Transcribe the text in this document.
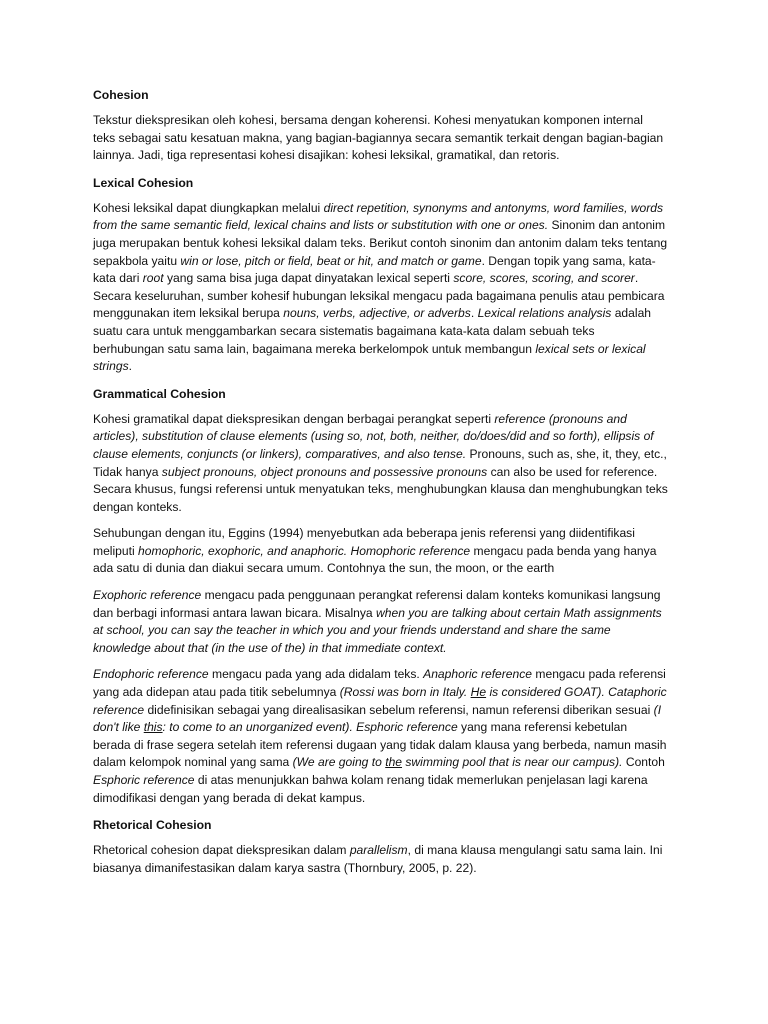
Cohesion

Tekstur diekspresikan oleh kohesi, bersama dengan koherensi. Kohesi menyatukan komponen internal teks sebagai satu kesatuan makna, yang bagian-bagiannya secara semantik terkait dengan bagian-bagian lainnya. Jadi, tiga representasi kohesi disajikan: kohesi leksikal, gramatikal, dan retoris.

Lexical Cohesion

Kohesi leksikal dapat diungkapkan melalui direct repetition, synonyms and antonyms, word families, words from the same semantic field, lexical chains and lists or substitution with one or ones. Sinonim dan antonim juga merupakan bentuk kohesi leksikal dalam teks. Berikut contoh sinonim dan antonim dalam teks tentang sepakbola yaitu win or lose, pitch or field, beat or hit, and match or game. Dengan topik yang sama, kata-kata dari root yang sama bisa juga dapat dinyatakan lexical seperti score, scores, scoring, and scorer. Secara keseluruhan, sumber kohesif hubungan leksikal mengacu pada bagaimana penulis atau pembicara menggunakan item leksikal berupa nouns, verbs, adjective, or adverbs. Lexical relations analysis adalah suatu cara untuk menggambarkan secara sistematis bagaimana kata-kata dalam sebuah teks berhubungan satu sama lain, bagaimana mereka berkelompok untuk membangun lexical sets or lexical strings.

Grammatical Cohesion

Kohesi gramatikal dapat diekspresikan dengan berbagai perangkat seperti reference (pronouns and articles), substitution of clause elements (using so, not, both, neither, do/does/did and so forth), ellipsis of clause elements, conjuncts (or linkers), comparatives, and also tense. Pronouns, such as, she, it, they, etc., Tidak hanya subject pronouns, object pronouns and possessive pronouns can also be used for reference. Secara khusus, fungsi referensi untuk menyatukan teks, menghubungkan klausa dan menghubungkan teks dengan konteks.

Sehubungan dengan itu, Eggins (1994) menyebutkan ada beberapa jenis referensi yang diidentifikasi meliputi homophoric, exophoric, and anaphoric. Homophoric reference mengacu pada benda yang hanya ada satu di dunia dan diakui secara umum. Contohnya the sun, the moon, or the earth

Exophoric reference mengacu pada penggunaan perangkat referensi dalam konteks komunikasi langsung dan berbagi informasi antara lawan bicara. Misalnya when you are talking about certain Math assignments at school, you can say the teacher in which you and your friends understand and share the same knowledge about that (in the use of the) in that immediate context.

Endophoric reference mengacu pada yang ada didalam teks. Anaphoric reference mengacu pada referensi yang ada didepan atau pada titik sebelumnya (Rossi was born in Italy. He is considered GOAT). Cataphoric reference didefinisikan sebagai yang direalisasikan sebelum referensi, namun referensi diberikan sesuai (I don't like this: to come to an unorganized event). Esphoric reference yang mana referensi kebetulan berada di frase segera setelah item referensi dugaan yang tidak dalam klausa yang berbeda, namun masih dalam kelompok nominal yang sama (We are going to the swimming pool that is near our campus). Contoh Esphoric reference di atas menunjukkan bahwa kolam renang tidak memerlukan penjelasan lagi karena dimodifikasi dengan yang berada di dekat kampus.

Rhetorical Cohesion

Rhetorical cohesion dapat diekspresikan dalam parallelism, di mana klausa mengulangi satu sama lain. Ini biasanya dimanifestasikan dalam karya sastra (Thornbury, 2005, p. 22).
